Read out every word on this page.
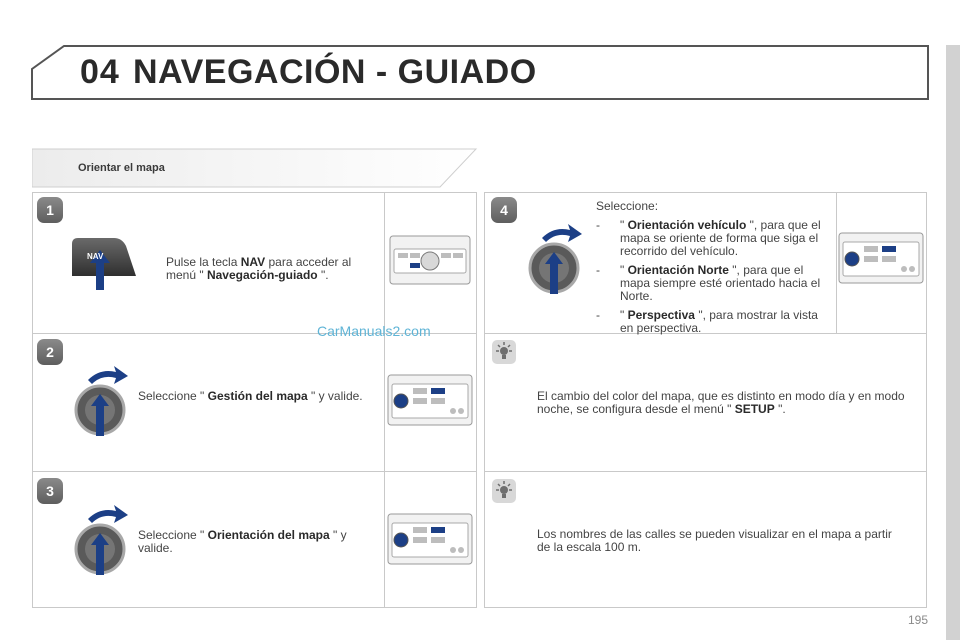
04 NAVEGACIÓN - GUIADO
Orientar el mapa
1
NAV	Pulse la tecla NAV para acceder al menú " Navegación-guiado ".
2
Seleccione " Gestión del mapa " y valide.
3
Seleccione " Orientación del mapa " y valide.
4	Seleccione:
- " Orientación vehículo ", para que el mapa se oriente de forma que siga el recorrido del vehículo.
- " Orientación Norte ", para que el mapa siempre esté orientado hacia el Norte.
- " Perspectiva ", para mostrar la vista en perspectiva.
El cambio del color del mapa, que es distinto en modo día y en modo noche, se configura desde el menú " SETUP ".
Los nombres de las calles se pueden visualizar en el mapa a partir de la escala 100 m.
CarManuals2.com
195
